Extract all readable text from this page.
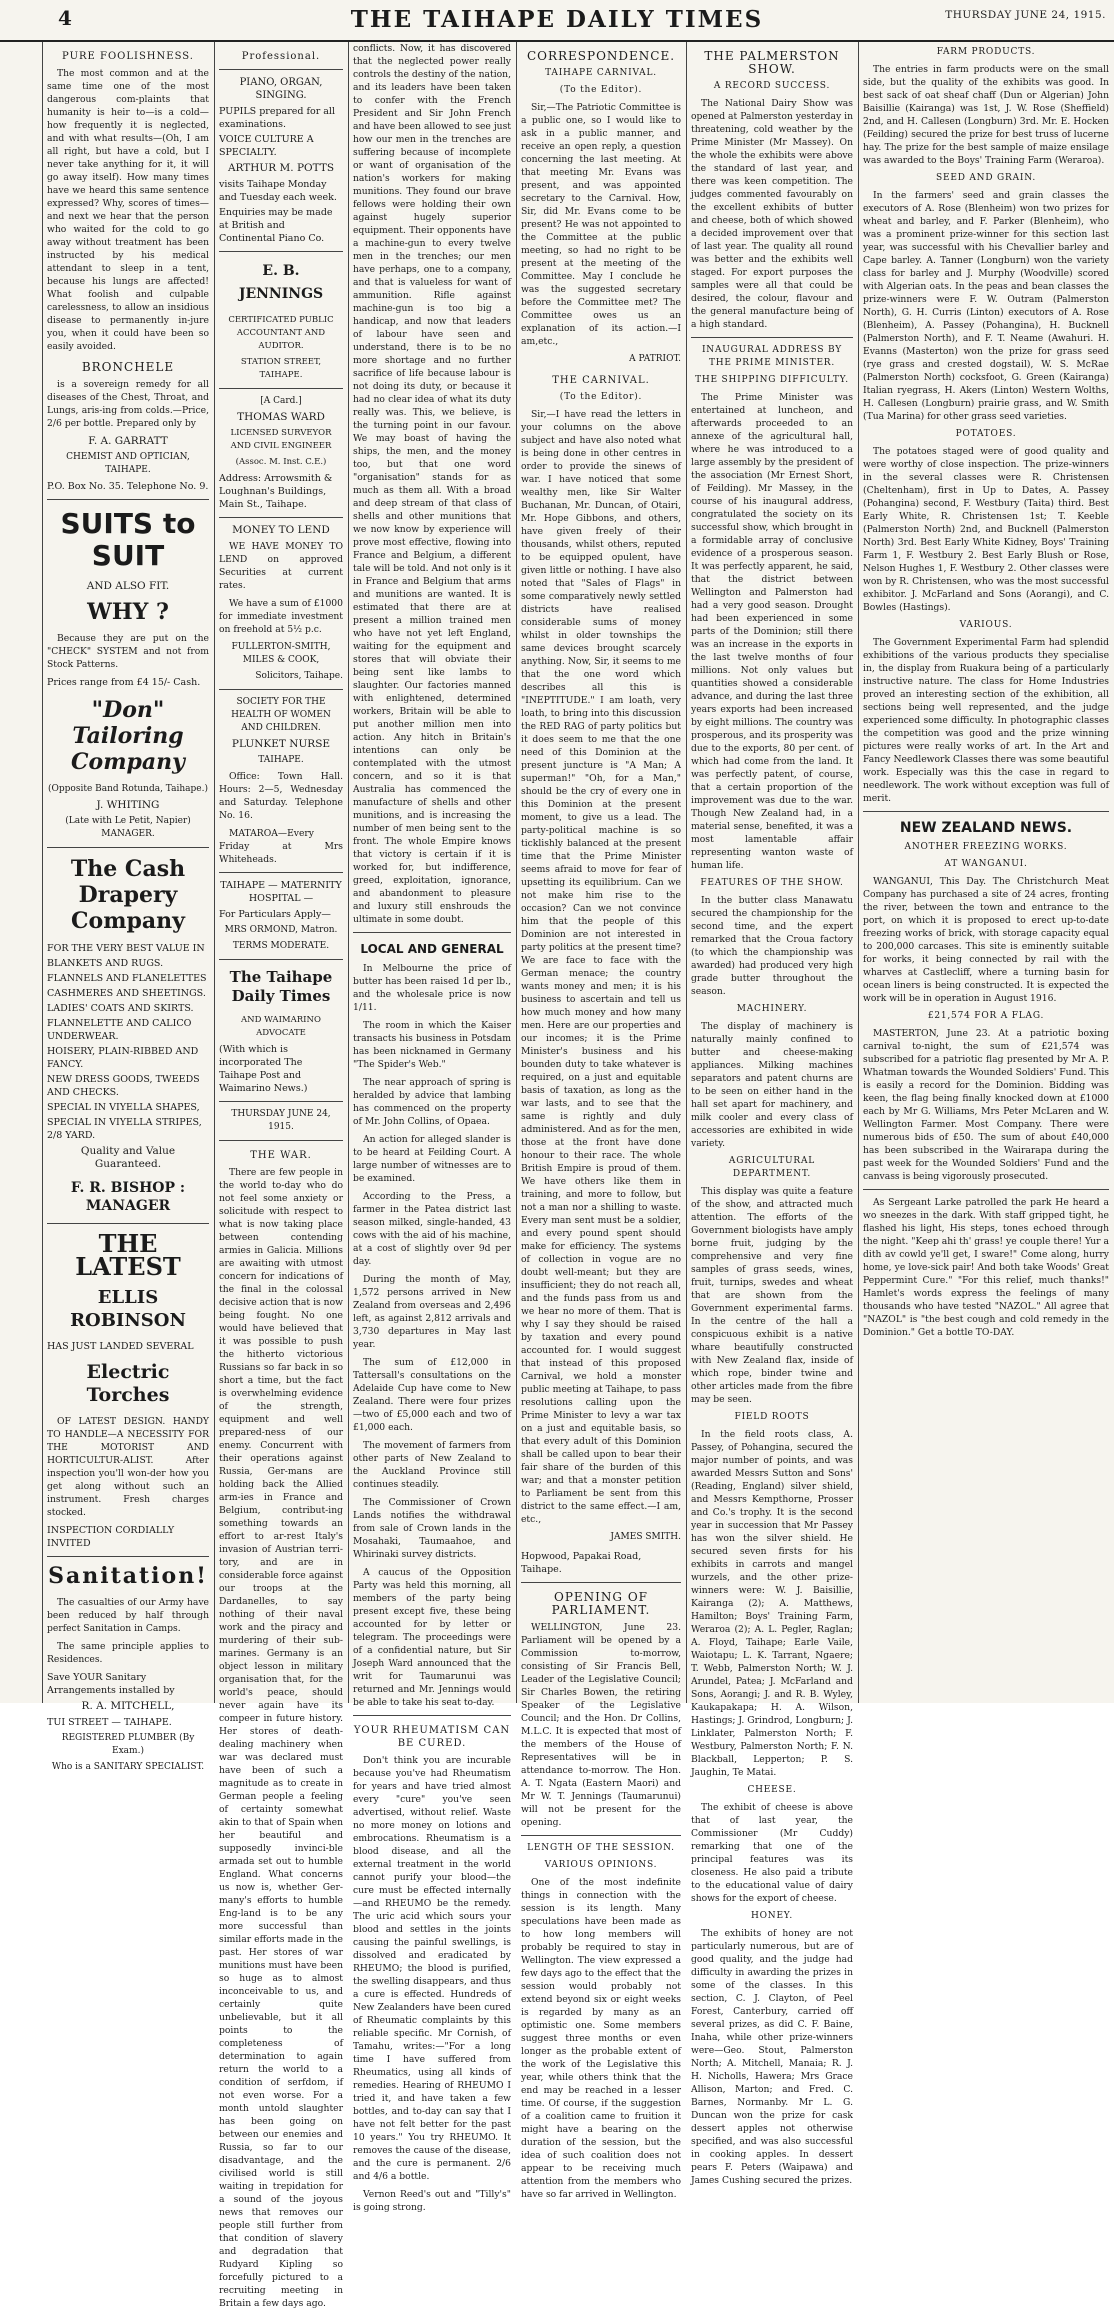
4	THE TAIHAPE DAILY TIMES	THURSDAY JUNE 24, 1915.
PURE FOOLISHNESS.

The most common and at the same time one of the most dangerous com-plaints that humanity is heir to—is a cold—how frequently it is neglected, and with what results—(Oh, I am all right, but have a cold, but I never take anything for it, it will go away itself). How many times have we heard this same sentence expressed? Why, scores of times—and next we hear that the person who waited for the cold to go away without treatment has been instructed by his medical attendant to sleep in a tent, because his lungs are affected! What foolish and culpable carelessness, to allow an insidious disease to permanently in-jure you, when it could have been so easily avoided.

BRONCHELE

is a sovereign remedy for all diseases of the Chest, Throat, and Lungs, aris-ing from colds.—Price, 2/6 per bottle. Prepared only by

F. A. GARRATT
CHEMIST AND OPTICIAN, TAIHAPE.
P.O. Box No. 35. Telephone No. 9.
SUITS to SUIT
AND ALSO FIT.
WHY ?

Because they are put on the "CHECK" SYSTEM and not from Stock Patterns.

Prices range from £4 15/- Cash.
"Don" Tailoring Company
(Opposite Band Rotunda, Taihape.)
J. WHITING
(Late with Le Petit, Napier) MANAGER.
The Cash Drapery Company
FOR THE VERY BEST VALUE IN
BLANKETS AND RUGS.
FLANNELS AND FLANELETTES
CASHMERES AND SHEETINGS.
LADIES' COATS AND SKIRTS.
FLANNELETTE AND CALICO UNDERWEAR.
HOISERY, PLAIN-RIBBED AND FANCY.
NEW DRESS GOODS, TWEEDS AND CHECKS.
SPECIAL IN VIYELLA SHAPES,
SPECIAL IN VIYELLA STRIPES, 2/8 YARD.
Quality and Value Guaranteed.
F. R. BISHOP : MANAGER
THE LATEST
ELLIS ROBINSON
HAS JUST LANDED SEVERAL
Electric Torches

OF LATEST DESIGN. HANDY TO HANDLE—A NECESSITY FOR THE MOTORIST AND HORTICULTUR-ALIST. After inspection you'll won-der how you get along without such an instrument. Fresh charges stocked.

INSPECTION CORDIALLY INVITED
Sanitation!

The casualties of our Army have been reduced by half through perfect Sanitation in Camps.

The same principle applies to Residences.

Save YOUR Sanitary Arrangements installed by
R. A. MITCHELL,
TUI STREET — TAIHAPE.
REGISTERED PLUMBER (By Exam.)
Who is a SANITARY SPECIALIST.
Professional.
PIANO, ORGAN, SINGING.
PUPILS prepared for all examinations.
VOICE CULTURE A SPECIALTY.
ARTHUR M. POTTS
visits Taihape Monday and Tuesday each week.
Enquiries may be made at British and Continental Piano Co.
E. B. JENNINGS
CERTIFICATED PUBLIC ACCOUNTANT AND AUDITOR.
STATION STREET, TAIHAPE.
[A Card.]
THOMAS WARD
LICENSED SURVEYOR AND CIVIL ENGINEER
(Assoc. M. Inst. C.E.)
Address: Arrowsmith & Loughnan's Buildings, Main St., Taihape.
MONEY TO LEND

WE HAVE MONEY TO LEND on approved Securities at current rates.

We have a sum of £1000 for immediate investment on freehold at 5½ p.c.

FULLERTON-SMITH, MILES & COOK,
Solicitors, Taihape.
SOCIETY FOR THE HEALTH OF WOMEN AND CHILDREN.
PLUNKET NURSE
TAIHAPE.

Office: Town Hall. Hours: 2—5, Wednesday and Saturday. Telephone No. 16.

MATAROA—Every Friday at Mrs Whiteheads.

TAIHAPE — MATERNITY HOSPITAL —
For Particulars Apply—
MRS ORMOND, Matron.
TERMS MODERATE.
The Taihape Daily Times
AND WAIMARINO ADVOCATE
(With which is incorporated The Taihape Post and Waimarino News.)
THURSDAY JUNE 24, 1915.
THE WAR.

There are few people in the world to-day who do not feel some anxiety or solicitude with respect to what is now taking place between contending armies in Galicia. Millions are awaiting with utmost concern for indications of the final in the colossal decisive action that is now being fought. No one would have believed that it was possible to push the hitherto victorious Russians so far back in so short a time, but the fact is overwhelming evidence of the strength, equipment and well prepared-ness of our enemy. Concurrent with their operations against Russia, Ger-mans are holding back the Allied arm-ies in France and Belgium, contribut-ing something towards an effort to ar-rest Italy's invasion of Austrian terri-tory, and are in considerable force against our troops at the Dardanelles, to say nothing of their naval work and the piracy and murdering of their sub-marines. Germany is an object lesson in military organisation that, for the world's peace, should never again have its compeer in future history. Her stores of death-dealing machinery when war was declared must have been of such a magnitude as to create in German people a feeling of certainty somewhat akin to that of Spain when her beautiful and supposedly invinci-ble armada set out to humble England. What concerns us now is, whether Ger-many's efforts to humble Eng-land is to be any more successful than similar efforts made in the past. Her stores of war munitions must have been so huge as to almost inconceivable to us, and certainly quite unbelievable, but it all points to the completeness of determination to again return the world to a condition of serfdom, if not even worse. For a month untold slaughter has been going on between our enemies and Russia, so far to our disadvantage, and the civilised world is still waiting in trepidation for a sound of the joyous news that removes our people still further from that condition of slavery and degradation that Rudyard Kipling so forcefully pictured to a recruiting meeting in Britain a few days ago.

conflicts. Now, it has discovered that the neglected power really controls the destiny of the nation, and its leaders have been taken to confer with the French President and Sir John French and have been allowed to see just how our men in the trenches are suffering because of incomplete or want of organisation of the nation's workers for making munitions. They found our brave fellows were holding their own against hugely superior equipment. Their opponents have a machine-gun to every twelve men in the trenches; our men have perhaps, one to a company, and that is valueless for want of ammunition. Rifle against machine-gun is too big a handicap, and now that leaders of labour have seen and understand, there is to be no more shortage and no further sacrifice of life because labour is not doing its duty, or because it had no clear idea of what its duty really was. This, we believe, is the turning point in our favour. We may boast of having the ships, the men, and the money too, but that one word "organisation" stands for as much as them all. With a broad and deep stream of that class of shells and other munitions that we now know by experience will prove most effective, flowing into France and Belgium, a different tale will be told. And not only is it in France and Belgium that arms and munitions are wanted. It is estimated that there are at present a million trained men who have not yet left England, waiting for the equipment and stores that will obviate their being sent like lambs to slaughter. Our factories manned with enlightened, determined workers, Britain will be able to put another million men into action. Any hitch in Britain's intentions can only be contemplated with the utmost concern, and so it is that Australia has commenced the manufacture of shells and other munitions, and is increasing the number of men being sent to the front. The whole Empire knows that victory is certain if it is worked for, but indifference, greed, exploitation, ignorance, and abandonment to pleasure and luxury still enshrouds the ultimate in some doubt.

LOCAL AND GENERAL

In Melbourne the price of butter has been raised 1d per lb., and the wholesale price is now 1/11.

The room in which the Kaiser transacts his business in Potsdam has been nicknamed in Germany "The Spider's Web."

The near approach of spring is heralded by advice that lambing has commenced on the property of Mr. John Collins, of Opaea.

An action for alleged slander is to be heard at Feilding Court. A large number of witnesses are to be examined.

According to the Press, a farmer in the Patea district last season milked, single-handed, 43 cows with the aid of his machine, at a cost of slightly over 9d per day.

During the month of May, 1,572 persons arrived in New Zealand from overseas and 2,496 left, as against 2,812 arrivals and 3,730 departures in May last year.

The sum of £12,000 in Tattersall's consultations on the Adelaide Cup have come to New Zealand. There were four prizes—two of £5,000 each and two of £1,000 each.

The movement of farmers from other parts of New Zealand to the Auckland Province still continues steadily.

The Commissioner of Crown Lands notifies the withdrawal from sale of Crown lands in the Mosahaki, Taumaahoe, and Whirinaki survey districts.

A caucus of the Opposition Party was held this morning, all members of the party being present except five, these being accounted for by letter or telegram. The proceedings were of a confidential nature, but Sir Joseph Ward announced that the writ for Taumarunui was returned and Mr. Jennings would be able to take his seat to-day.

YOUR RHEUMATISM CAN BE CURED.

Don't think you are incurable because you've had Rheumatism for years and have tried almost every "cure" you've seen advertised, without relief. Waste no more money on lotions and embrocations. Rheumatism is a blood disease, and all the external treatment in the world cannot purify your blood—the cure must be effected internally—and RHEUMO be the remedy. The uric acid which sours your blood and settles in the joints causing the painful swellings, is dissolved and eradicated by RHEUMO; the blood is purified, the swelling disappears, and thus a cure is effected. Hundreds of New Zealanders have been cured of Rheumatic complaints by this reliable specific. Mr Cornish, of Tamahu, writes:—"For a long time I have suffered from Rheumatics, using all kinds of remedies. Hearing of RHEUMO I tried it, and have taken a few bottles, and to-day can say that I have not felt better for the past 10 years." You try RHEUMO. It removes the cause of the disease, and the cure is permanent. 2/6 and 4/6 a bottle.

Vernon Reed's out and "Tilly's" is going strong.

CORRESPONDENCE.
TAIHAPE CARNIVAL.
(To the Editor).

Sir,—The Patriotic Committee is a public one, so I would like to ask in a public manner, and receive an open reply, a question concerning the last meeting. At that meeting Mr. Evans was present, and was appointed secretary to the Carnival. How, Sir, did Mr. Evans come to be present? He was not appointed to the Committee at the public meeting, so had no right to be present at the meeting of the Committee. May I conclude he was the suggested secretary before the Committee met? The Committee owes us an explanation of its action.—I am,etc.,

A PATRIOT.
THE CARNIVAL.
(To the Editor).

Sir,—I have read the letters in your columns on the above subject and have also noted what is being done in other centres in order to provide the sinews of war. I have noticed that some wealthy men, like Sir Walter Buchanan, Mr. Duncan, of Otairi, Mr. Hope Gibbons, and others, have given freely of their thousands, whilst others, reputed to be equipped opulent, have given little or nothing. I have also noted that "Sales of Flags" in some comparatively newly settled districts have realised considerable sums of money whilst in older townships the same devices brought scarcely anything. Now, Sir, it seems to me that the one word which describes all this is "INEPTITUDE." I am loath, very loath, to bring into this discussion the RED RAG of party politics but it does seem to me that the one need of this Dominion at the present juncture is "A Man; A superman!" "Oh, for a Man," should be the cry of every one in this Dominion at the present moment, to give us a lead. The party-political machine is so ticklishly balanced at the present time that the Prime Minister seems afraid to move for fear of upsetting its equilibrium. Can we not make him rise to the occasion? Can we not convince him that the people of this Dominion are not interested in party politics at the present time? We are face to face with the German menace; the country wants money and men; it is his business to ascertain and tell us how much money and how many men. Here are our properties and our incomes; it is the Prime Minister's business and his bounden duty to take whatever is required, on a just and equitable basis of taxation, as long as the war lasts, and to see that the same is rightly and duly administered. And as for the men, those at the front have done honour to their race. The whole British Empire is proud of them. We have others like them in training, and more to follow, but not a man nor a shilling to waste. Every man sent must be a soldier, and every pound spent should make for efficiency. The systems of collection in vogue are no doubt well-meant; but they are insufficient; they do not reach all, and the funds pass from us and we hear no more of them. That is why I say they should be raised by taxation and every pound accounted for. I would suggest that instead of this proposed Carnival, we hold a monster public meeting at Taihape, to pass resolutions calling upon the Prime Minister to levy a war tax on a just and equitable basis, so that every adult of this Dominion shall be called upon to bear their fair share of the burden of this war; and that a monster petition to Parliament be sent from this district to the same effect.—I am, etc.,

JAMES SMITH.
Hopwood, Papakai Road, Taihape.
OPENING OF PARLIAMENT.

WELLINGTON, June 23. Parliament will be opened by a Commission to-morrow, consisting of Sir Francis Bell, Leader of the Legislative Council; Sir Charles Bowen, the retiring Speaker of the Legislative Council; and the Hon. Dr Collins, M.L.C. It is expected that most of the members of the House of Representatives will be in attendance to-morrow. The Hon. A. T. Ngata (Eastern Maori) and Mr W. T. Jennings (Taumarunui) will not be present for the opening.

LENGTH OF THE SESSION.
VARIOUS OPINIONS.

One of the most indefinite things in connection with the session is its length. Many speculations have been made as to how long members will probably be required to stay in Wellington. The view expressed a few days ago to the effect that the session would probably not extend beyond six or eight weeks is regarded by many as an optimistic one. Some members suggest three months or even longer as the probable extent of the work of the Legislative this year, while others think that the end may be reached in a lesser time. Of course, if the suggestion of a coalition came to fruition it might have a bearing on the duration of the session, but the idea of such coalition does not appear to be receiving much attention from the members who have so far arrived in Wellington.

THE PALMERSTON SHOW.
A RECORD SUCCESS.

The National Dairy Show was opened at Palmerston yesterday in threatening, cold weather by the Prime Minister (Mr Massey). On the whole the exhibits were above the standard of last year, and there was keen competition. The judges commented favourably on the excellent exhibits of butter and cheese, both of which showed a decided improvement over that of last year. The quality all round was better and the exhibits well staged. For export purposes the samples were all that could be desired, the colour, flavour and the general manufacture being of a high standard.

INAUGURAL ADDRESS BY THE PRIME MINISTER.
THE SHIPPING DIFFICULTY.

The Prime Minister was entertained at luncheon, and afterwards proceeded to an annexe of the agricultural hall, where he was introduced to a large assembly by the president of the association (Mr Ernest Short, of Feilding). Mr Massey, in the course of his inaugural address, congratulated the society on its successful show, which brought in a formidable array of conclusive evidence of a prosperous season. It was perfectly apparent, he said, that the district between Wellington and Palmerston had had a very good season. Drought had been experienced in some parts of the Dominion; still there was an increase in the exports in the last twelve months of four millions. Not only values but quantities showed a considerable advance, and during the last three years exports had been increased by eight millions. The country was prosperous, and its prosperity was due to the exports, 80 per cent. of which had come from the land. It was perfectly patent, of course, that a certain proportion of the improvement was due to the war. Though New Zealand had, in a material sense, benefited, it was a most lamentable affair representing wanton waste of human life.

FEATURES OF THE SHOW.

In the butter class Manawatu secured the championship for the second time, and the expert remarked that the Croua factory (to which the championship was awarded) had produced very high grade butter throughout the season.

MACHINERY.

The display of machinery is naturally mainly confined to butter and cheese-making appliances. Milking machines separators and patent churns are to be seen on either hand in the hall set apart for machinery, and milk cooler and every class of accessories are exhibited in wide variety.

AGRICULTURAL DEPARTMENT.

This display was quite a feature of the show, and attracted much attention. The efforts of the Government biologists have amply borne fruit, judging by the comprehensive and very fine samples of grass seeds, wines, fruit, turnips, swedes and wheat that are shown from the Government experimental farms. In the centre of the hall a conspicuous exhibit is a native whare beautifully constructed with New Zealand flax, inside of which rope, binder twine and other articles made from the fibre may be seen.

FIELD ROOTS

In the field roots class, A. Passey, of Pohangina, secured the major number of points, and was awarded Messrs Sutton and Sons' (Reading, England) silver shield, and Messrs Kempthorne, Prosser and Co.'s trophy. It is the second year in succession that Mr Passey has won the silver shield. He secured seven firsts for his exhibits in carrots and mangel wurzels, and the other prize-winners were: W. J. Baisillie, Kairanga (2); A. Matthews, Hamilton; Boys' Training Farm, Weraroa (2); A. L. Pegler, Raglan; A. Floyd, Taihape; Earle Vaile, Waiotapu; L. K. Tarrant, Ngaere; T. Webb, Palmerston North; W. J. Arundel, Patea; J. McFarland and Sons, Aorangi; J. and R. B. Wyley, Kaukapakapa; H. A. Wilson, Hastings; J. Grindrod, Longburn; J. Linklater, Palmerston North; F. Westbury, Palmerston North; F. N. Blackball, Lepperton; P. S. Jaughin, Te Matai.

CHEESE.

The exhibit of cheese is above that of last year, the Commissioner (Mr Cuddy) remarking that one of the principal features was its closeness. He also paid a tribute to the educational value of dairy shows for the export of cheese.

HONEY.

The exhibits of honey are not particularly numerous, but are of good quality, and the judge had difficulty in awarding the prizes in some of the classes. In this section, C. J. Clayton, of Peel Forest, Canterbury, carried off several prizes, as did C. F. Baine, Inaha, while other prize-winners were—Geo. Stout, Palmerston North; A. Mitchell, Manaia; R. J. H. Nicholls, Hawera; Mrs Grace Allison, Marton; and Fred. C. Barnes, Normanby. Mr L. G. Duncan won the prize for cask dessert apples not otherwise specified, and was also successful in cooking apples. In dessert pears F. Peters (Waipawa) and James Cushing secured the prizes.

FARM PRODUCTS.

The entries in farm products were on the small side, but the quality of the exhibits was good. In best sack of oat sheaf chaff (Dun or Algerian) John Baisillie (Kairanga) was 1st, J. W. Rose (Sheffield) 2nd, and H. Callesen (Longburn) 3rd. Mr. E. Hocken (Feilding) secured the prize for best truss of lucerne hay. The prize for the best sample of maize ensilage was awarded to the Boys' Training Farm (Weraroa).

SEED AND GRAIN.

In the farmers' seed and grain classes the executors of A. Rose (Blenheim) won two prizes for wheat and barley, and F. Parker (Blenheim), who was a prominent prize-winner for this section last year, was successful with his Chevallier barley and Cape barley. A. Tanner (Longburn) won the variety class for barley and J. Murphy (Woodville) scored with Algerian oats. In the peas and bean classes the prize-winners were F. W. Outram (Palmerston North), G. H. Curris (Linton) executors of A. Rose (Blenheim), A. Passey (Pohangina), H. Bucknell (Palmerston North), and F. T. Neame (Awahuri. H. Evanns (Masterton) won the prize for grass seed (rye grass and crested dogstail), W. S. McRae (Palmerston North) cocksfoot, G. Green (Kairanga) Italian ryegrass, H. Akers (Linton) Western Wolths, H. Callesen (Longburn) prairie grass, and W. Smith (Tua Marina) for other grass seed varieties.

POTATOES.

The potatoes staged were of good quality and were worthy of close inspection. The prize-winners in the several classes were R. Christensen (Cheltenham), first in Up to Dates, A. Passey (Pohangina) second, F. Westbury (Taita) third. Best Early White, R. Christensen 1st; T. Keeble (Palmerston North) 2nd, and Bucknell (Palmerston North) 3rd. Best Early White Kidney, Boys' Training Farm 1, F. Westbury 2. Best Early Blush or Rose, Nelson Hughes 1, F. Westbury 2. Other classes were won by R. Christensen, who was the most successful exhibitor. J. McFarland and Sons (Aorangi), and C. Bowles (Hastings).

VARIOUS.

The Government Experimental Farm had splendid exhibitions of the various products they specialise in, the display from Ruakura being of a particularly instructive nature. The class for Home Industries proved an interesting section of the exhibition, all sections being well represented, and the judge experienced some difficulty. In photographic classes the competition was good and the prize winning pictures were really works of art. In the Art and Fancy Needlework Classes there was some beautiful work. Especially was this the case in regard to needlework. The work without exception was full of merit.

NEW ZEALAND NEWS.
ANOTHER FREEZING WORKS.
AT WANGANUI.

WANGANUI, This Day. The Christchurch Meat Company has purchased a site of 24 acres, fronting the river, between the town and entrance to the port, on which it is proposed to erect up-to-date freezing works of brick, with storage capacity equal to 200,000 carcases. This site is eminently suitable for works, it being connected by rail with the wharves at Castlecliff, where a turning basin for ocean liners is being constructed. It is expected the work will be in operation in August 1916.

£21,574 FOR A FLAG.

MASTERTON, June 23. At a patriotic boxing carnival to-night, the sum of £21,574 was subscribed for a patriotic flag presented by Mr A. P. Whatman towards the Wounded Soldiers' Fund. This is easily a record for the Dominion. Bidding was keen, the flag being finally knocked down at £1000 each by Mr G. Williams, Mrs Peter McLaren and W. Wellington Farmer. Most Company. There were numerous bids of £50. The sum of about £40,000 has been subscribed in the Wairarapa during the past week for the Wounded Soldiers' Fund and the canvass is being vigorously prosecuted.

As Sergeant Larke patrolled the park He heard a wo sneezes in the dark. With staff gripped tight, he flashed his light, His steps, tones echoed through the night. "Keep ahi th' grass! ye couple there! Yur a dith av cowld ye'll get, I sware!" Come along, hurry home, ye love-sick pair! And both take Woods' Great Peppermint Cure." "For this relief, much thanks!" Hamlet's words express the feelings of many thousands who have tested "NAZOL." All agree that "NAZOL" is "the best cough and cold remedy in the Dominion." Get a bottle TO-DAY.
